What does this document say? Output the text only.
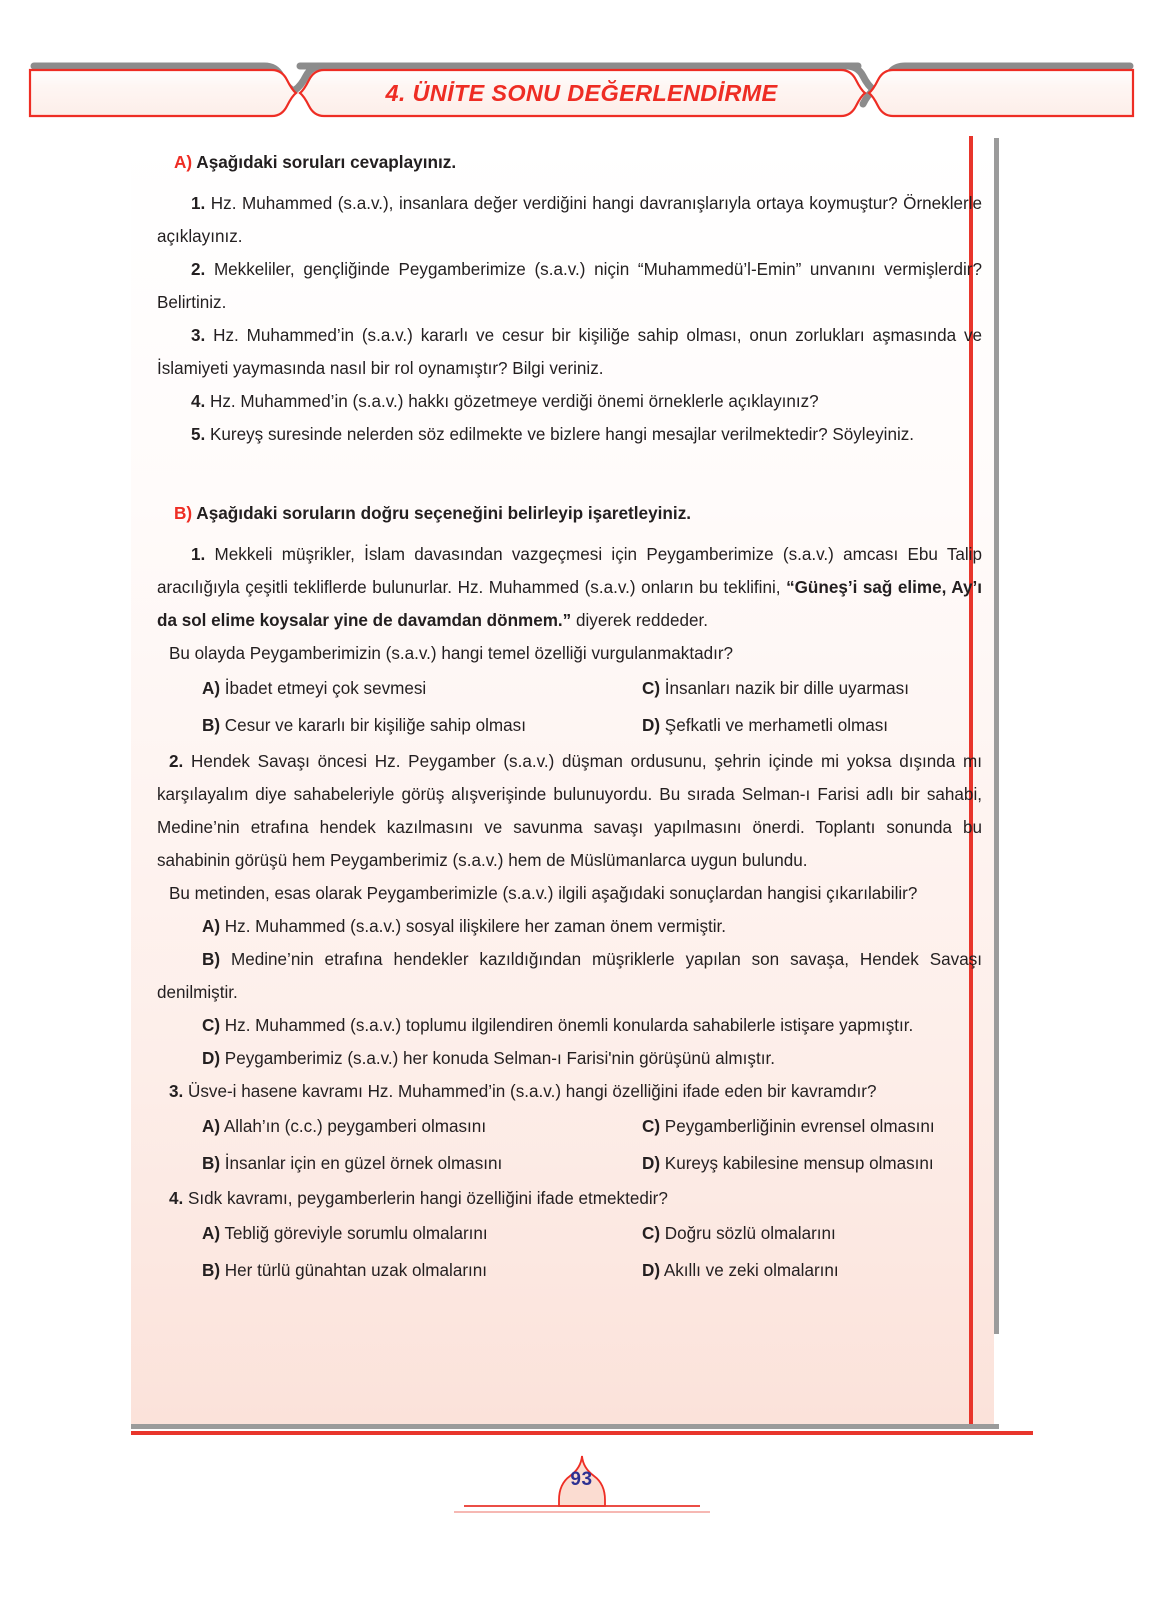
4. ÜNİTE SONU DEĞERLENDİRME
A) Aşağıdaki soruları cevaplayınız.
1. Hz. Muhammed (s.a.v.), insanlara değer verdiğini hangi davranışlarıyla ortaya koymuştur? Örneklerle açıklayınız.
2. Mekkeliler, gençliğinde Peygamberimize (s.a.v.) niçin “Muhammedü’l-Emin” unvanını vermişlerdir? Belirtiniz.
3. Hz. Muhammed’in (s.a.v.) kararlı ve cesur bir kişiliğe sahip olması, onun zorlukları aşmasında ve İslamiyeti yaymasında nasıl bir rol oynamıştır? Bilgi veriniz.
4. Hz. Muhammed’in (s.a.v.) hakkı gözetmeye verdiği önemi örneklerle açıklayınız?
5. Kureyş suresinde nelerden söz edilmekte ve bizlere hangi mesajlar verilmektedir? Söyleyiniz.
B) Aşağıdaki soruların doğru seçeneğini belirleyip işaretleyiniz.
1. Mekkeli müşrikler, İslam davasından vazgeçmesi için Peygamberimize (s.a.v.) amcası Ebu Talip aracılığıyla çeşitli tekliflerde bulunurlar. Hz. Muhammed (s.a.v.) onların bu teklifini, “Güneş’i sağ elime, Ay’ı da sol elime koysalar yine de davamdan dönmem.” diyerek reddeder.
Bu olayda Peygamberimizin (s.a.v.) hangi temel özelliği vurgulanmaktadır?
A) İbadet etmeyi çok sevmesi	C) İnsanları nazik bir dille uyarması
B) Cesur ve kararlı bir kişiliğe sahip olması	D) Şefkatli ve merhametli olması
2. Hendek Savaşı öncesi Hz. Peygamber (s.a.v.) düşman ordusunu, şehrin içinde mi yoksa dışında mı karşılayalım diye sahabeleriyle görüş alışverişinde bulunuyordu. Bu sırada Selman-ı Farisi adlı bir sahabi, Medine’nin etrafına hendek kazılmasını ve savunma savaşı yapılmasını önerdi. Toplantı sonunda bu sahabinin görüşü hem Peygamberimiz (s.a.v.) hem de Müslümanlarca uygun bulundu.
Bu metinden, esas olarak Peygamberimizle (s.a.v.) ilgili aşağıdaki sonuçlardan hangisi çıkarılabilir?
A) Hz. Muhammed (s.a.v.) sosyal ilişkilere her zaman önem vermiştir.
B) Medine’nin etrafına hendekler kazıldığından müşriklerle yapılan son savaşa, Hendek Savaşı denilmiştir.
C) Hz. Muhammed (s.a.v.) toplumu ilgilendiren önemli konularda sahabilerle istişare yapmıştır.
D) Peygamberimiz (s.a.v.) her konuda Selman-ı Farisi'nin görüşünü almıştır.
3. Üsve-i hasene kavramı Hz. Muhammed’in (s.a.v.) hangi özelliğini ifade eden bir kavramdır?
A) Allah’ın (c.c.) peygamberi olmasını	C) Peygamberliğinin evrensel olmasını
B) İnsanlar için en güzel örnek olmasını	D) Kureyş kabilesine mensup olmasını
4. Sıdk kavramı, peygamberlerin hangi özelliğini ifade etmektedir?
A) Tebliğ göreviyle sorumlu olmalarını	C) Doğru sözlü olmalarını
B) Her türlü günahtan uzak olmalarını	D) Akıllı ve zeki olmalarını
93
